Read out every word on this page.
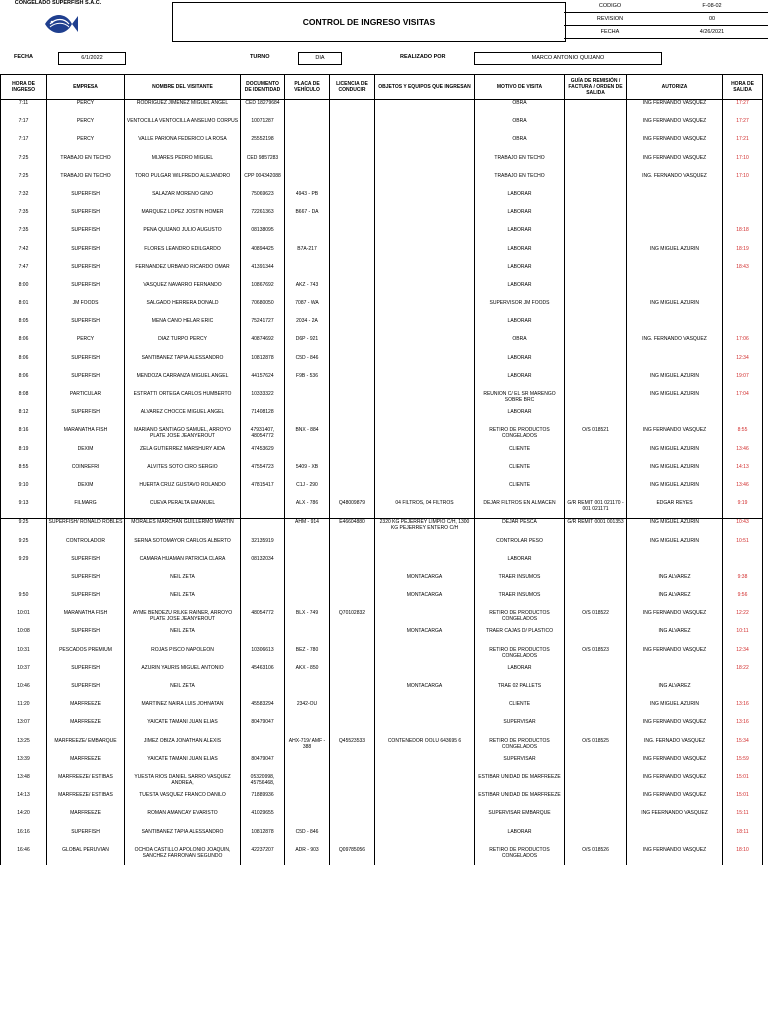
CONGELADO SUPERFISH S.A.C.
CONTROL DE INGRESO VISITAS
CODIGO	F-08-02
REVISION	00
FECHA	4/26/2021
FECHA	6/1/2022	TURNO	DIA	REALIZADO POR	MARCO ANTONIO QUIJANO
HORA DE INGRESO	EMPRESA	NOMBRE DEL VISITANTE	DOCUMENTO DE IDENTIDAD	PLACA DE VEHÍCULO	LICENCIA DE CONDUCIR	OBJETOS Y EQUIPOS QUE INGRESAN	MOTIVO DE VISITA	GUÍA DE REMISIÓN / FACTURA / ORDEN DE SALIDA	AUTORIZA	HORA DE SALIDA
7:11	PERCY	RODRIGUEZ JIMENEZ MIGUEL ANGEL	CED 18279684				OBRA		ING FERNANDO VASQUEZ	17:27
7:17	PERCY	VENTOCILLA VENTOCILLA ANSELMO CORPUS	10071287				OBRA		ING FERNANDO VASQUEZ	17:27
7:17	PERCY	VALLE PARIONA FEDERICO LA ROSA	25552198				OBRA		ING FERNANDO VASQUEZ	17:21
7:25	TRABAJO EN TECHO	MIJARES PEDRO MIGUEL	CED 9857283				TRABAJO EN TECHO		ING FERNANDO VASQUEZ	17:10
7:25	TRABAJO EN TECHO	TORO PULGAR WILFREDO ALEJANDRO	CPP 004342088				TRABAJO EN TECHO		ING. FERNANDO VASQUEZ	17:10
7:32	SUPERFISH	SALAZAR MORENO GINO	75069623	4943 - PB			LABORAR			
7:35	SUPERFISH	MARQUEZ LOPEZ JOSTIN HOMER	72261363	B667 - DA			LABORAR			
7:35	SUPERFISH	PEÑA QUIJANO JULIO AUGUSTO	08138095				LABORAR			18:18
7:42	SUPERFISH	FLORES LEANDRO EDILGARDO	40894425	B7A-217			LABORAR		ING MIGUEL AZURIN	18:19
7:47	SUPERFISH	FERNANDEZ URBANO RICARDO OMAR	41391344				LABORAR			18:43
8:00	SUPERFISH	VASQUEZ NAVARRO FERNANDO	10867692	AKZ - 743			LABORAR			
8:01	JM FOODS	SALGADO HERRERA DONALD	70680050	7087 - WA			SUPERVISOR JM FOODS		ING MIGUEL AZURIN	
8:05	SUPERFISH	MENA CANO HELAR ERIC	75241727	2034 - 2A			LABORAR			
8:06	PERCY	DIAZ TURPO PERCY	40874692	D6P - 921			OBRA		ING. FERNANDO VASQUEZ	17:06
8:06	SUPERFISH	SANTIBAÑEZ TAPIA ALESSANDRO	10812878	C5D - 846			LABORAR			12:34
8:06	SUPERFISH	MENDOZA CARRANZA MIGUEL ANGEL	44157624	F9B - 536			LABORAR		ING MIGUEL AZURIN	19:07
8:08	PARTICULAR	ESTRATTI ORTEGA CARLOS HUMBERTO	10333322				REUNION C/ EL SR MARENGO SOBRE BRC		ING MIGUEL AZURIN	17:04
8:12	SUPERFISH	ALVAREZ CHOCCE MIGUEL ANGEL	71408128				LABORAR			
8:16	MARANATHA FISH	MARIANO SANTIAGO SAMUEL, ARROYO PLATE JOSE JEANYEROUT	47931407, 48054772	BNX - 884			RETIRO DE PRODUCTOS CONGELADOS	O/S 018521	ING FERNANDO VASQUEZ	8:55
8:19	DEXIM	ZELA GUTIERREZ MARSHURY AIDA	47453629				CLIENTE		ING MIGUEL AZURIN	13:46
8:55	COINREFRI	ALVITES SOTO CIRO SERGIO	47554723	5409 - XB			CLIENTE		ING MIGUEL AZURIN	14:13
9:10	DEXIM	HUERTA CRUZ GUSTAVO ROLANDO	47815417	C1J - 290			CLIENTE		ING MIGUEL AZURIN	13:46
9:13	FILMARG	CUEVA PERALTA EMANUEL		ALX - 786	Q48009879	04 FILTROS, 04 FILTROS	DEJAR FILTROS EN ALMACEN	G/R REMIT 001 021170 - 001 021171	EDGAR REYES	9:19
9:25	SUPERFISH/ RONALD ROBLES	MORALES MARCHAN GUILLERMO MARTIN		AHM - 914	E46604880	2320 KG PEJERREY LIMPIO C/H, 1300 KG PEJERREY ENTERO C/H	DEJAR PESCA	G/R REMIT 0001 001353	ING MIGUEL AZURIN	10:43
9:25	CONTROLADOR	SERNA SOTOMAYOR CARLOS ALBERTO	32135919				CONTROLAR PESO		ING MIGUEL AZURIN	10:51
9:29	SUPERFISH	CAMARA HUAMAN PATRICIA CLARA	08132034				LABORAR			
	SUPERFISH	NEIL ZETA				MONTACARGA	TRAER INSUMOS		ING ALVAREZ	9:38
9:50	SUPERFISH	NEIL ZETA				MONTACARGA	TRAER INSUMOS		ING ALVAREZ	9:56
10:01	MARANATHA FISH	AYME BENDEZU RILKE RAINER, ARROYO PLATE JOSE JEANYEROUT	48054772	BLX - 749	Q70102832		RETIRO DE PRODUCTOS CONGELADOS	O/S 018522	ING FERNANDO VASQUEZ	12:22
10:08	SUPERFISH	NEIL ZETA				MONTACARGA	TRAER CAJAS D/ PLASTICO		ING ALVAREZ	10:11
10:31	PESCADOS PREMIUM	ROJAS PISCO NAPOLEON	10306613	BEZ - 780			RETIRO DE PRODUCTOS CONGELADOS	O/S 018523	ING FERNANDO VASQUEZ	12:34
10:37	SUPERFISH	AZURIN YAURIS MIGUEL ANTONIO	45463106	AKX - 850			LABORAR			18:22
10:46	SUPERFISH	NEIL ZETA				MONTACARGA	TRAE 02 PALLETS		ING ALVAREZ	
11:20	MARFREEZE	MARTINEZ NAIRA LUIS JOHNATAN	45583294	2342-OU			CLIENTE		ING MIGUEL AZURIN	13:16
13:07	MARFREEZE	YAICATE TAMANI JUAN ELIAS	80479047				SUPERVISAR		ING FERNANDO VASQUEZ	13:16
13:25	MARFREEZE/ EMBARQUE	JIMEZ OBIZA JONATHAN ALEXIS		AHX-719/ AMF - 388	Q45523533	CONTENEDOR OOLU 643695 6	RETIRO DE PRODUCTOS CONGELADOS	O/S 018525	ING. FERNADO VASQUEZ	15:34
13:39	MARFREEZE	YAICATE TAMANI JUAN ELIAS	80479047				SUPERVISAR		ING FERNANDO VASQUEZ	15:59
13:48	MARFREEZE/ ESTIBAS	YUESTA RIOS DANIEL SARRO VASQUEZ ANDREA,	05320998, 45756468,				ESTIBAR UNIDAD DE MARFREEZE		ING FERNANDO VASQUEZ	15:01
14:13	MARFREEZE/ ESTIBAS	TUESTA VASQUEZ FRANCO DANILO	71889936				ESTIBAR UNIDAD DE MARFREEZE		ING FERNANDO VASQUEZ	15:01
14:20	MARFREEZE	ROMAN AMANCAY EVARISTO	41029655				SUPERVISAR EMBARQUE		ING FEERNANDO VASQUEZ	15:11
16:16	SUPERFISH	SANTIBAÑEZ TAPIA ALESSANDRO	10812878	C5D - 846			LABORAR			18:11
16:46	GLOBAL PERUVIAN	OCHOA CASTILLO APOLONIO JOAQUIN, SANCHEZ FARRONAN SEGUNDO	42237207	ADR - 903	Q09785056		RETIRO DE PRODUCTOS CONGELADOS	O/S 018526	ING FERNANDO VASQUEZ	18:10
